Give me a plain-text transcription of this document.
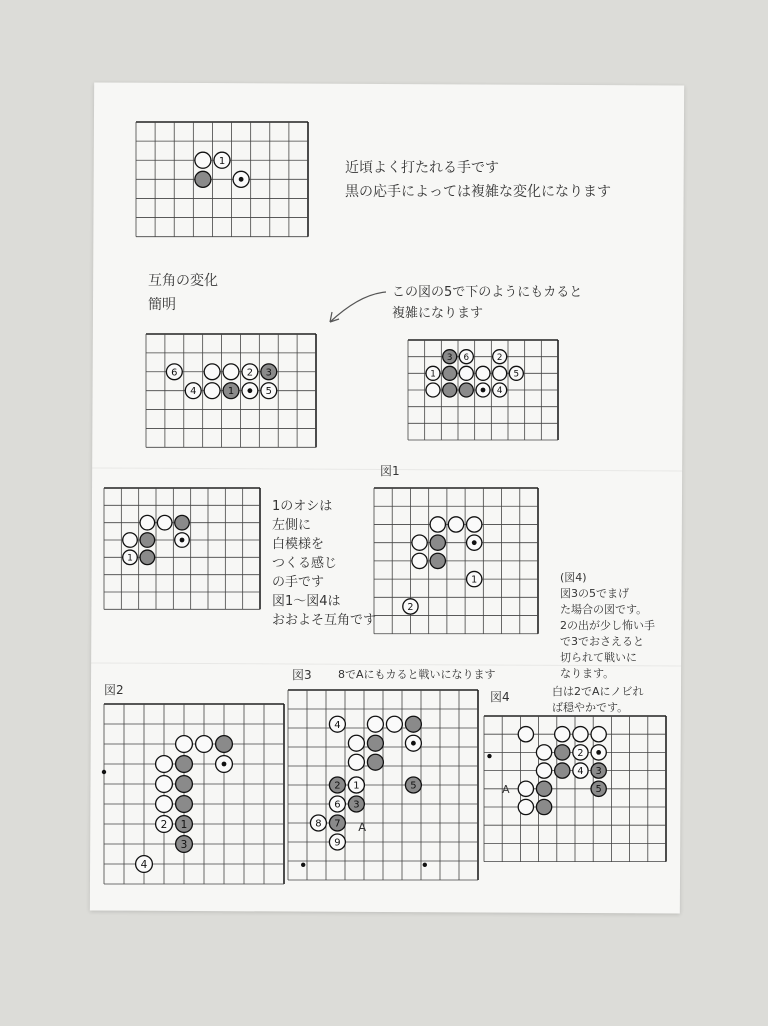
1
6	2 3
4	1	5
3 6	2
1	5
4
1
1
2
2 1
3
4
4
2 1	5
6 3
8 7
9
A
2
4 3
5
A
近頃よく打たれる手です
黒の応手によっては複雑な変化になります
互角の変化
簡明
この図の5で下のようにもカると
複雑になります
図1
1のオシは
左側に
白模様を
つくる感じ
の手です
図1～図4は
おおよそ互角です
(図4)
図3の5でまげ
た場合の図です。
2の出が少し怖い手
で3でおさえると
切られて戦いに
なります。
白は2でAにノビれ
ば穏やかです。
図2
図3 8でAにもカると戦いになります
図4
